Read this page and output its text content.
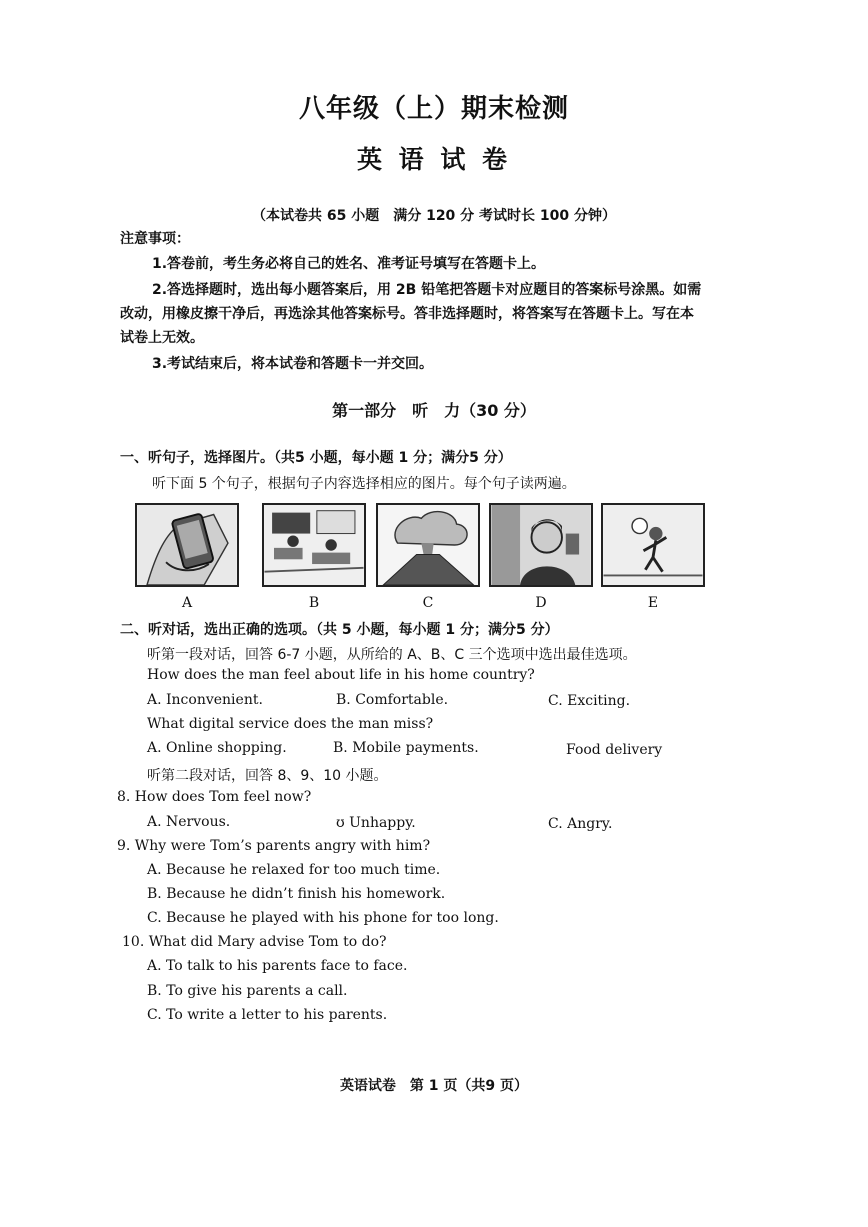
八年级（上）期末检测
英 语 试 卷
（本试卷共 65 小题　满分 120 分 考试时长 100 分钟）
注意事项：
1.答卷前，考生务必将自己的姓名、准考证号填写在答题卡上。
2.答选择题时，选出每小题答案后，用 2B 铅笔把答题卡对应题目的答案标号涂黑。如需
改动，用橡皮擦干净后，再选涂其他答案标号。答非选择题时，将答案写在答题卡上。写在本
试卷上无效。
3.考试结束后，将本试卷和答题卡一并交回。
第一部分　听　力（30 分）
一、听句子，选择图片。（共5 小题，每小题 1 分；满分5 分）
听下面 5 个句子，根据句子内容选择相应的图片。每个句子读两遍。
A	B	C	D	E
二、听对话，选出正确的选项。（共 5 小题，每小题 1 分；满分5 分）
听第一段对话，回答 6-7 小题，从所给的 A、B、C 三个选项中选出最佳选项。
How does the man feel about life in his home country?
A. Inconvenient.	B. Comfortable.	C. Exciting.
What digital service does the man miss?
A. Online shopping.	B. Mobile payments.	Food delivery
听第二段对话，回答 8、9、10 小题。
8. How does Tom feel now?
A. Nervous.	ʊ Unhappy.	C. Angry.
9. Why were Tom’s parents angry with him?
A. Because he relaxed for too much time.
B. Because he didn’t finish his homework.
C. Because he played with his phone for too long.
10. What did Mary advise Tom to do?
A. To talk to his parents face to face.
B. To give his parents a call.
C. To write a letter to his parents.
英语试卷　第 1 页（共9 页）
